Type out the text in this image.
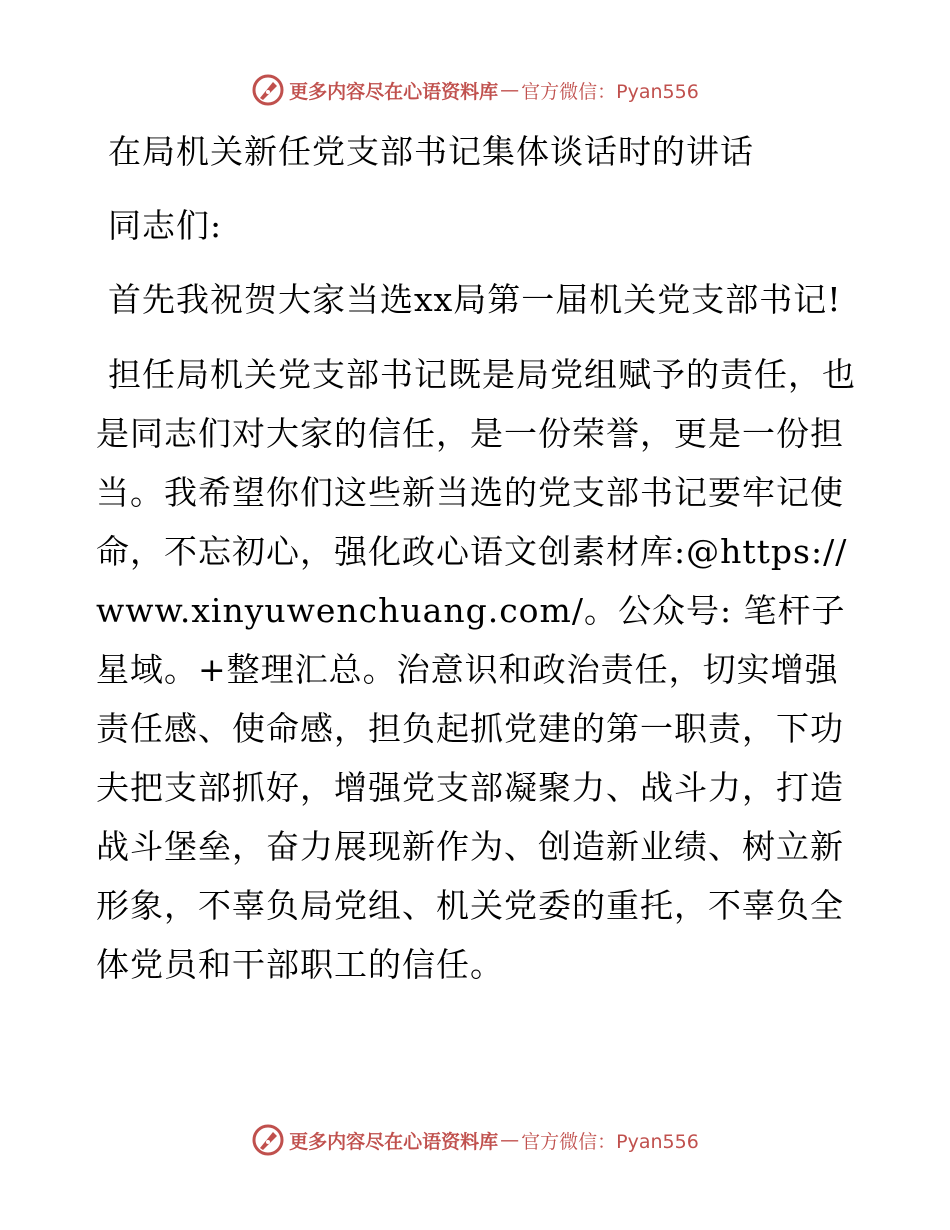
更多内容尽在心语资料库 — 官方微信：Pyan556

在局机关新任党支部书记集体谈话时的讲话

同志们:

首先我祝贺大家当选xx局第一届机关党支部书记!

担任局机关党支部书记既是局党组赋予的责任，也是同志们对大家的信任，是一份荣誉，更是一份担当。我希望你们这些新当选的党支部书记要牢记使命，不忘初心，强化政心语文创素材库:@https://www.xinyuwenchuang.com/。公众号: 笔杆子星域。+整理汇总。治意识和政治责任，切实增强责任感、使命感，担负起抓党建的第一职责，下功夫把支部抓好，增强党支部凝聚力、战斗力，打造战斗堡垒，奋力展现新作为、创造新业绩、树立新形象，不辜负局党组、机关党委的重托，不辜负全体党员和干部职工的信任。

更多内容尽在心语资料库 — 官方微信：Pyan556
